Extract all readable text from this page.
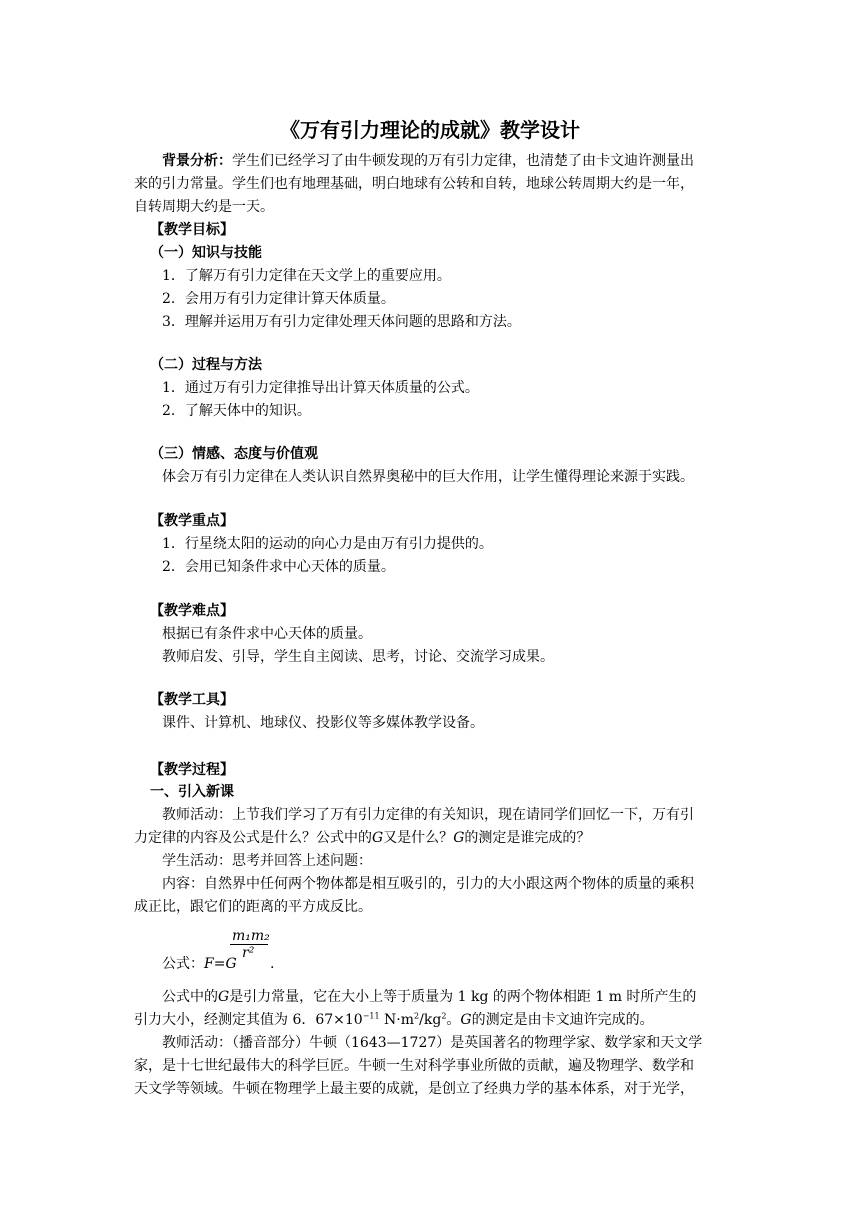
《万有引力理论的成就》教学设计
背景分析：学生们已经学习了由牛顿发现的万有引力定律，也清楚了由卡文迪许测量出
来的引力常量。学生们也有地理基础，明白地球有公转和自转，地球公转周期大约是一年，
自转周期大约是一天。
【教学目标】
（一）知识与技能
1．了解万有引力定律在天文学上的重要应用。
2．会用万有引力定律计算天体质量。
3．理解并运用万有引力定律处理天体问题的思路和方法。
（二）过程与方法
1．通过万有引力定律推导出计算天体质量的公式。
2．了解天体中的知识。
（三）情感、态度与价值观
体会万有引力定律在人类认识自然界奥秘中的巨大作用，让学生懂得理论来源于实践。
【教学重点】
1．行星绕太阳的运动的向心力是由万有引力提供的。
2．会用已知条件求中心天体的质量。
【教学难点】
根据已有条件求中心天体的质量。
教师启发、引导，学生自主阅读、思考，讨论、交流学习成果。
【教学工具】
课件、计算机、地球仪、投影仪等多媒体教学设备。
【教学过程】
一、引入新课
教师活动：上节我们学习了万有引力定律的有关知识，现在请同学们回忆一下，万有引
力定律的内容及公式是什么？公式中的G又是什么？G的测定是谁完成的？
学生活动：思考并回答上述问题：
内容：自然界中任何两个物体都是相互吸引的，引力的大小跟这两个物体的质量的乘积
成正比，跟它们的距离的平方成反比。
公式：F=G
m₁m₂
r²
.
公式中的G是引力常量，它在大小上等于质量为 1 kg 的两个物体相距 1 m 时所产生的
引力大小，经测定其值为 6．$67\times 10^{-11}$ $N\cdot m^2/kg^2$。G的测定是由卡文迪许完成的。
教师活动：（播音部分）牛顿（1643—1727）是英国著名的物理学家、数学家和天文学
家，是十七世纪最伟大的科学巨匠。牛顿一生对科学事业所做的贡献，遍及物理学、数学和
天文学等领域。牛顿在物理学上最主要的成就，是创立了经典力学的基本体系，对于光学，
